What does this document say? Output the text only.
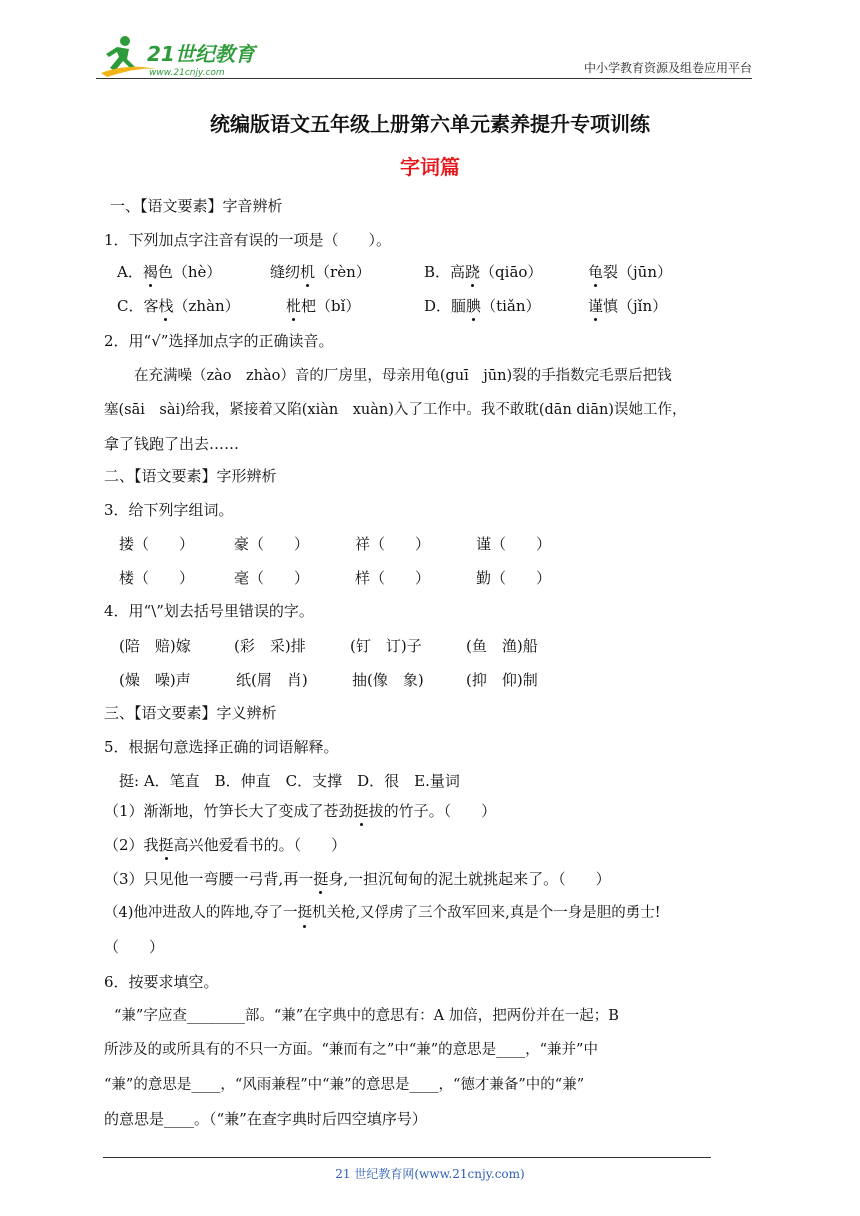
21世纪教育
www.21cnjy.com	中小学教育资源及组卷应用平台
统编版语文五年级上册第六单元素养提升专项训练
字词篇
一、【语文要素】字音辨析
1．下列加点字注音有误的一项是（　　）。
A．褐色（hè）	缝纫机（rèn）	B．高跷（qiāo）	龟裂（jūn）
C．客栈（zhàn）	枇杷（bǐ）	D．腼腆（tiǎn）	谨慎（jǐn）
2．用“√”选择加点字的正确读音。
在充满噪（zào　zhào）音的厂房里，母亲用龟(guī　jūn)裂的手指数完毛票后把钱
塞(sāi　sài)给我，紧接着又陷(xiàn　xuàn)入了工作中。我不敢耽(dān diān)误她工作，
拿了钱跑了出去……
二、【语文要素】字形辨析
3．给下列字组词。
搂（　　）	豪（　　）	祥（　　）	谨（　　）
楼（　　）	毫（　　）	样（　　）	勤（　　）
4．用“\”划去括号里错误的字。
(陪　赔)嫁	(彩　采)排	(钉　订)子	(鱼　渔)船
(燥　噪)声	纸(屑　肖)	抽(像　象)	(抑　仰)制
三、【语文要素】字义辨析
5．根据句意选择正确的词语解释。
挺: A．笔直　B．伸直　C．支撑　D．很　E.量词
（1）渐渐地，竹笋长大了变成了苍劲挺拔的竹子。（　　）
（2）我挺高兴他爱看书的。（　　）
（3）只见他一弯腰一弓背,再一挺身,一担沉甸甸的泥土就挑起来了。（　　）
（4)他冲进敌人的阵地,夺了一挺机关枪,又俘虏了三个敌军回来,真是个一身是胆的勇士!
（　　）
6．按要求填空。
“兼”字应查________部。“兼”在字典中的意思有：A 加倍，把两份并在一起；B
所涉及的或所具有的不只一方面。“兼而有之”中“兼”的意思是____，“兼并”中
“兼”的意思是____，“风雨兼程”中“兼”的意思是____，“德才兼备”中的“兼”
的意思是____。（“兼”在查字典时后四空填序号）
21 世纪教育网(www.21cnjy.com)
